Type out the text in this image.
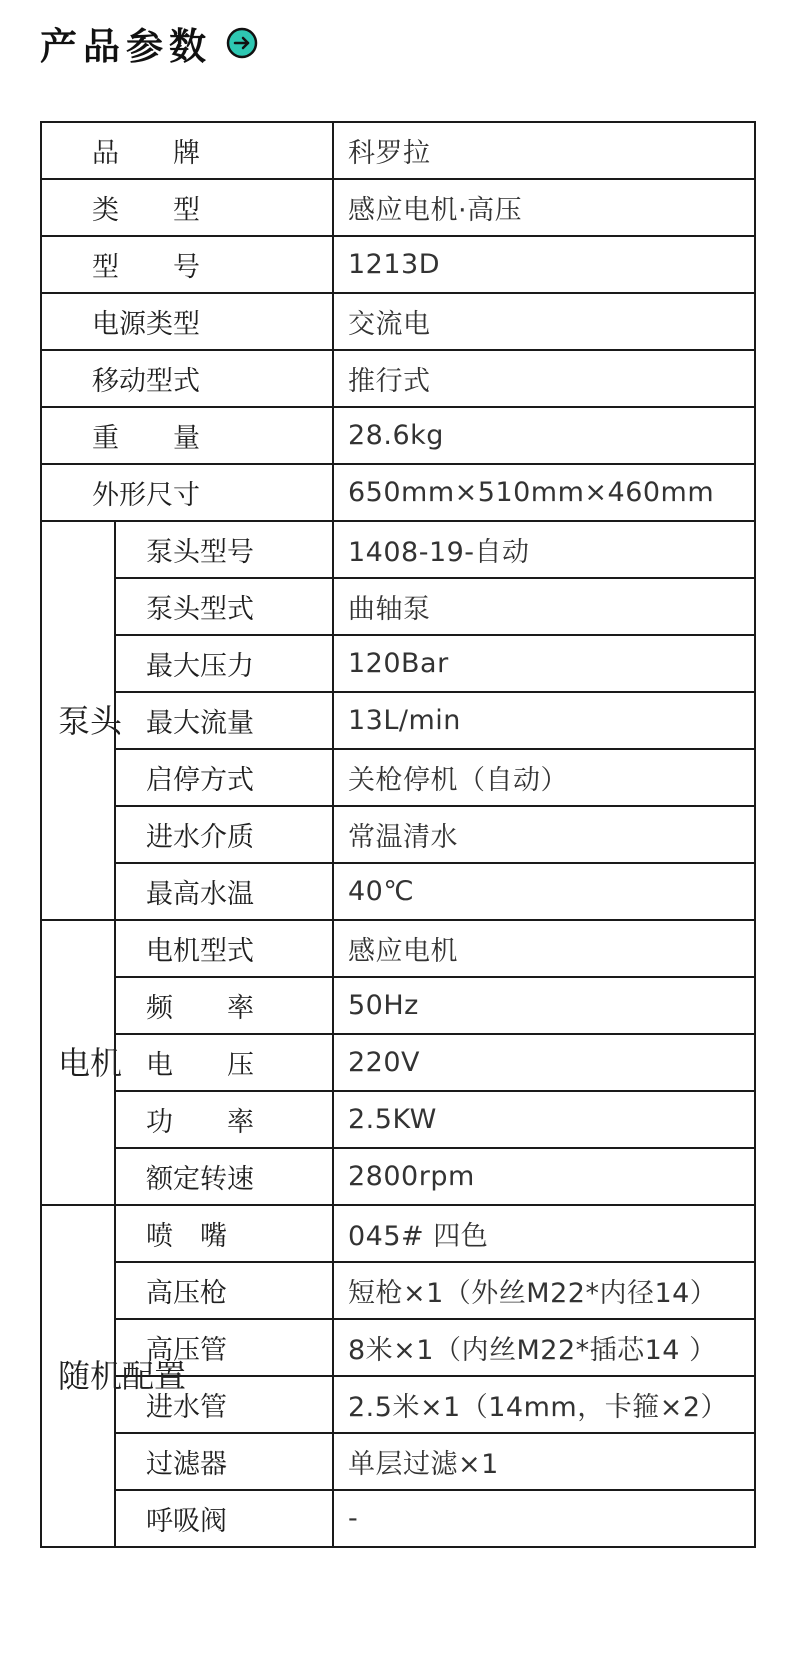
产品参数
品　　牌		科罗拉
类　　型		感应电机·高压
型　　号		1213D
电源类型		交流电
移动型式		推行式
重　　量		28.6kg
外形尺寸		650mm×510mm×460mm
泵头	泵头型号	1408-19-自动
	泵头型式	曲轴泵
	最大压力	120Bar
	最大流量	13L/min
	启停方式	关枪停机（自动）
	进水介质	常温清水
	最高水温	40℃
电机	电机型式	感应电机
	频　　率	50Hz
	电　　压	220V
	功　　率	2.5KW
	额定转速	2800rpm
随机配置	喷　嘴	045# 四色
	高压枪	短枪×1（外丝M22*内径14）
	高压管	8米×1（内丝M22*插芯14 ）
	进水管	2.5米×1（14mm，卡箍×2）
	过滤器	单层过滤×1
	呼吸阀	-
